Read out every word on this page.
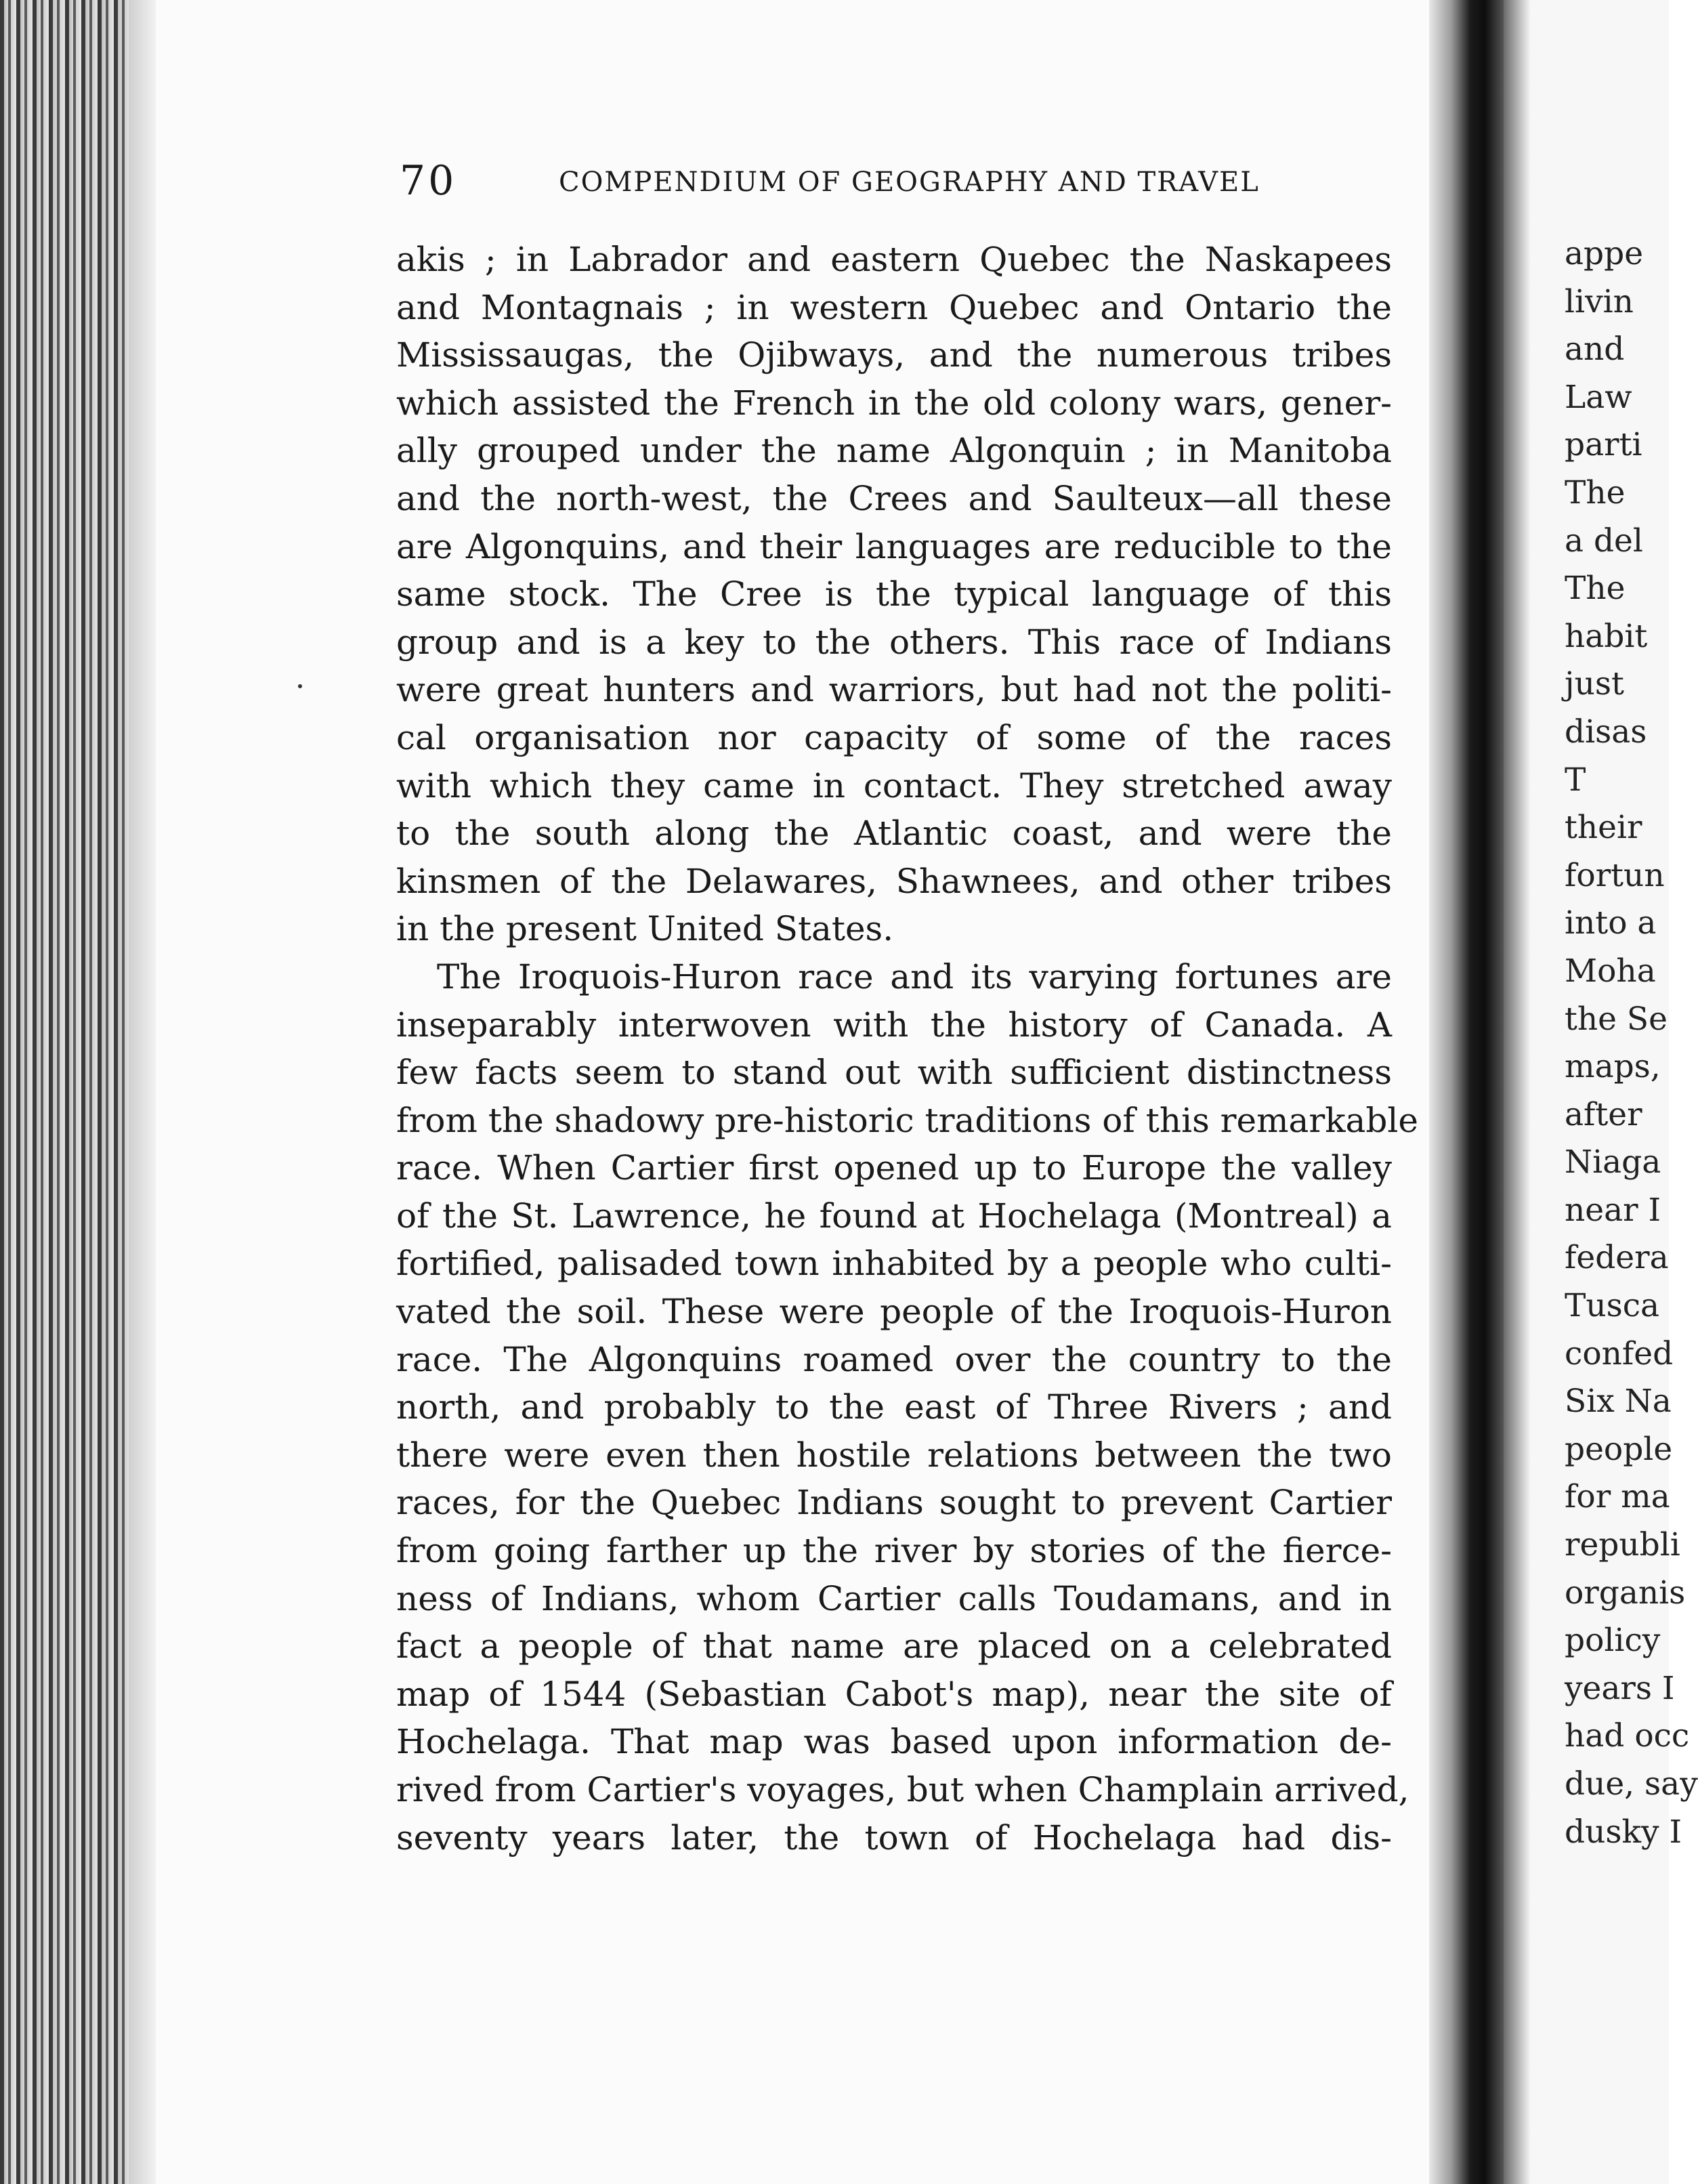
70	COMPENDIUM OF GEOGRAPHY AND TRAVEL
akis ; in Labrador and eastern Quebec the Naskapees
and Montagnais ; in western Quebec and Ontario the
Mississaugas, the Ojibways, and the numerous tribes
which assisted the French in the old colony wars, gener-
ally grouped under the name Algonquin ; in Manitoba
and the north-west, the Crees and Saulteux—all these
are Algonquins, and their languages are reducible to the
same stock. The Cree is the typical language of this
group and is a key to the others. This race of Indians
were great hunters and warriors, but had not the politi-
cal organisation nor capacity of some of the races
with which they came in contact. They stretched away
to the south along the Atlantic coast, and were the
kinsmen of the Delawares, Shawnees, and other tribes
in the present United States.
The Iroquois-Huron race and its varying fortunes are
inseparably interwoven with the history of Canada. A
few facts seem to stand out with sufficient distinctness
from the shadowy pre-historic traditions of this remarkable
race. When Cartier first opened up to Europe the valley
of the St. Lawrence, he found at Hochelaga (Montreal) a
fortified, palisaded town inhabited by a people who culti-
vated the soil. These were people of the Iroquois-Huron
race. The Algonquins roamed over the country to the
north, and probably to the east of Three Rivers ; and
there were even then hostile relations between the two
races, for the Quebec Indians sought to prevent Cartier
from going farther up the river by stories of the fierce-
ness of Indians, whom Cartier calls Toudamans, and in
fact a people of that name are placed on a celebrated
map of 1544 (Sebastian Cabot's map), near the site of
Hochelaga. That map was based upon information de-
rived from Cartier's voyages, but when Champlain arrived,
seventy years later, the town of Hochelaga had dis-
appe
livin
and
Law
parti
The
a del
The
habit
just
disas
T
their
fortun
into a
Moha
the Se
maps,
after
Niaga
near I
federa
Tusca
confed
Six Na
people
for ma
republi
organis
policy
years I
had occ
due, say
dusky I
